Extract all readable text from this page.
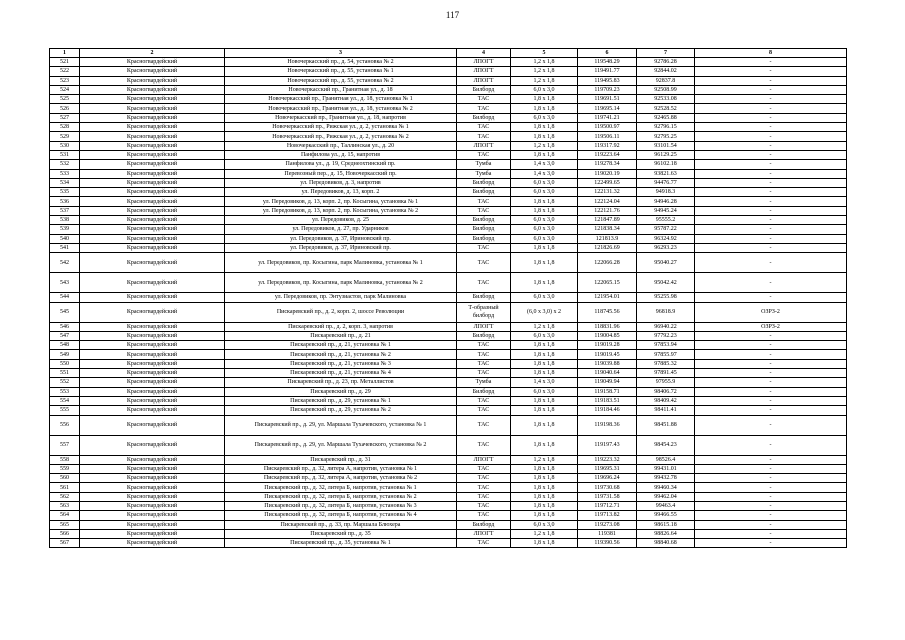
117
1	2	3	4	5	6	7	8
521	Красногвардейский	Новочеркасский пр., д. 54, установка № 2	ЛПОГТ	1,2 x 1,8	119548.29	92786.28	-
522	Красногвардейский	Новочеркасский пр., д. 55, установка № 1	ЛПОГТ	1,2 x 1,8	119491.77	92844.02	-
523	Красногвардейский	Новочеркасский пр., д. 55, установка № 2	ЛПОГТ	1,2 x 1,8	119495.83	92837.8	-
524	Красногвардейский	Новочеркасский пр., Гранитная ул., д. 18	Билборд	6,0 x 3,0	119709.23	92508.99	-
525	Красногвардейский	Новочеркасский пр., Гранитная ул., д. 18, установка № 1	ТАС	1,8 x 1,8	119691.51	92533.08	-
526	Красногвардейский	Новочеркасский пр., Гранитная ул., д. 18, установка № 2	ТАС	1,8 x 1,8	119695.14	92528.52	-
527	Красногвардейский	Новочеркасский пр., Гранитная ул., д. 18, напротив	Билборд	6,0 x 3,0	119741.21	92465.88	-
528	Красногвардейский	Новочеркасский пр., Рижская ул., д. 2, установка № 1	ТАС	1,8 x 1,8	119500.97	92796.15	-
529	Красногвардейский	Новочеркасский пр., Рижская ул., д. 2, установка № 2	ТАС	1,8 x 1,8	119506.11	92795.25	-
530	Красногвардейский	Новочеркасский пр., Таллинская ул., д. 20	ЛПОГТ	1,2 x 1,8	119317.92	93101.54	-
531	Красногвардейский	Панфилова ул., д. 15, напротив	ТАС	1,8 x 1,8	119223.64	96129.25	-
532	Красногвардейский	Панфилова ул., д. 19, Среднеохтинский пр.	Тумба	1,4 x 3,0	119278.34	96102.18	-
533	Красногвардейский	Перевозный пер., д. 15, Новочеркасский пр.	Тумба	1,4 x 3,0	119020.19	93821.63	-
534	Красногвардейский	ул. Передовиков, д. 3, напротив	Билборд	6,0 x 3,0	122499.65	94476.77	-
535	Красногвардейский	ул. Передовиков, д. 13, корп. 2	Билборд	6,0 x 3,0	122131.32	94918.3	-
536	Красногвардейский	ул. Передовиков, д. 13, корп. 2, пр. Косыгина, установка № 1	ТАС	1,8 x 1,8	122124.04	94946.28	-
537	Красногвардейский	ул. Передовиков, д. 13, корп. 2, пр. Косыгина, установка № 2	ТАС	1,8 x 1,8	122121.76	94945.24	-
538	Красногвардейский	ул. Передовиков, д. 25	Билборд	6,0 x 3,0	121847.89	95555.2	-
539	Красногвардейский	ул. Передовиков, д. 27, пр. Ударников	Билборд	6,0 x 3,0	121838.34	95787.22	-
540	Красногвардейский	ул. Передовиков, д. 37, Ириновский пр.	Билборд	6,0 x 3,0	121813.9	96324.92	-
541	Красногвардейский	ул. Передовиков, д. 37, Ириновский пр.	ТАС	1,8 x 1,8	121826.69	96293.23	-
542	Красногвардейский	ул. Передовиков, пр. Косыгина, парк Малиновка, установка № 1	ТАС	1,8 x 1,8	122066.28	95040.27	-
543	Красногвардейский	ул. Передовиков, пр. Косыгина, парк Малиновка, установка № 2	ТАС	1,8 x 1,8	122065.15	95042.42	-
544	Красногвардейский	ул. Передовиков, пр. Энтузиастов, парк Малиновка	Билборд	6,0 x 3,0	121954.01	95255.98	-
545	Красногвардейский	Пискаревский пр., д. 2, корп. 2, шоссе Революции	Т-образный билборд	(6,0 x 3,0) x 2	118745.56	96818.9	ОЗРЗ-2
546	Красногвардейский	Пискаревский пр., д. 2, корп. 3, напротив	ЛПОГТ	1,2 x 1,8	118831.96	96940.22	ОЗРЗ-2
547	Красногвардейский	Пискаревский пр., д. 21	Билборд	6,0 x 3,0	119004.85	97792.23	-
548	Красногвардейский	Пискаревский пр., д. 21, установка № 1	ТАС	1,8 x 1,8	119019.28	97853.94	-
549	Красногвардейский	Пискаревский пр., д. 21, установка № 2	ТАС	1,8 x 1,8	119019.45	97855.97	-
550	Красногвардейский	Пискаревский пр., д. 21, установка № 3	ТАС	1,8 x 1,8	119039.88	97885.32	-
551	Красногвардейский	Пискаревский пр., д. 21, установка № 4	ТАС	1,8 x 1,8	119040.64	97891.45	-
552	Красногвардейский	Пискаревский пр., д. 23, пр. Металлистов	Тумба	1,4 x 3,0	119049.94	97955.9	-
553	Красногвардейский	Пискаревский пр., д. 29	Билборд	6,0 x 3,0	119158.71	98406.72	-
554	Красногвардейский	Пискаревский пр., д. 29, установка № 1	ТАС	1,8 x 1,8	119183.51	98409.42	-
555	Красногвардейский	Пискаревский пр., д. 29, установка № 2	ТАС	1,8 x 1,8	119184.46	98411.41	-
556	Красногвардейский	Пискаревский пр., д. 29, ул. Маршала Тухачевского, установка № 1	ТАС	1,8 x 1,8	119198.36	98451.88	-
557	Красногвардейский	Пискаревский пр., д. 29, ул. Маршала Тухачевского, установка № 2	ТАС	1,8 x 1,8	119197.43	98454.23	-
558	Красногвардейский	Пискаревский пр., д. 31	ЛПОГТ	1,2 x 1,8	119223.32	98526.4	-
559	Красногвардейский	Пискаревский пр., д. 32, литера А, напротив, установка № 1	ТАС	1,8 x 1,8	119695.31	99431.01	-
560	Красногвардейский	Пискаревский пр., д. 32, литера А, напротив, установка № 2	ТАС	1,8 x 1,8	119696.24	99432.78	-
561	Красногвардейский	Пискаревский пр., д. 32, литера Б, напротив, установка № 1	ТАС	1,8 x 1,8	119730.68	99460.34	-
562	Красногвардейский	Пискаревский пр., д. 32, литера Б, напротив, установка № 2	ТАС	1,8 x 1,8	119731.58	99462.04	-
563	Красногвардейский	Пискаревский пр., д. 32, литера Б, напротив, установка № 3	ТАС	1,8 x 1,8	119712.71	99463.4	-
564	Красногвардейский	Пискаревский пр., д. 32, литера Б, напротив, установка № 4	ТАС	1,8 x 1,8	119713.82	99466.55	-
565	Красногвардейский	Пискаревский пр., д. 33, пр. Маршала Блюхера	Билборд	6,0 x 3,0	119273.08	98615.18	-
566	Красногвардейский	Пискаревский пр., д. 35	ЛПОГТ	1,2 x 1,8	119381	98826.64	-
567	Красногвардейский	Пискаревский пр., д. 35, установка № 1	ТАС	1,8 x 1,8	119390.56	98840.68	-
